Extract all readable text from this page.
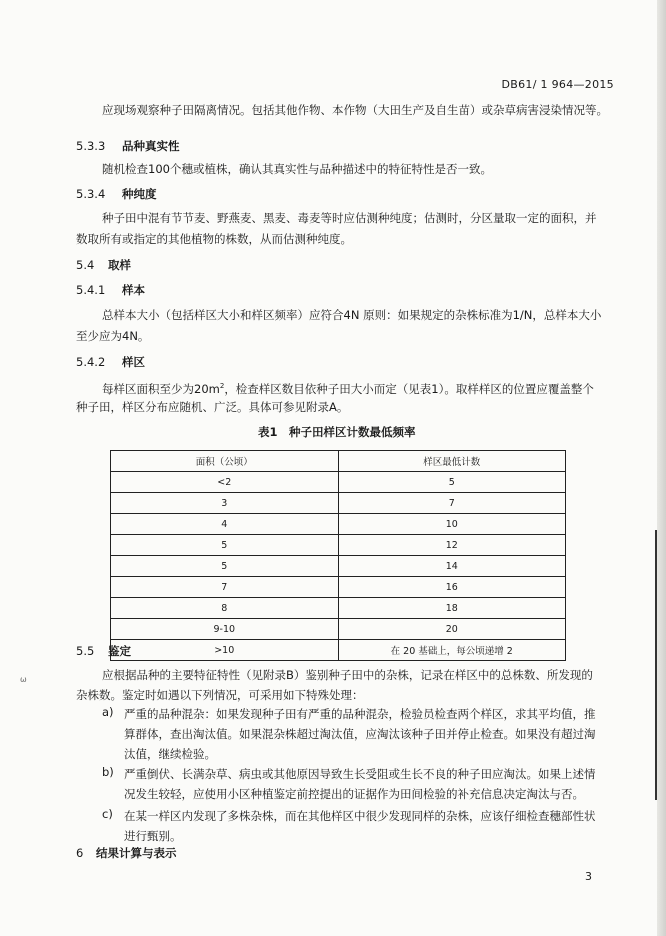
DB61/ 1 964—2015
应现场观察种子田隔离情况。包括其他作物、本作物（大田生产及自生苗）或杂草病害浸染情况等。
5.3.3 品种真实性
随机检查100个穗或植株，确认其真实性与品种描述中的特征特性是否一致。
5.3.4 种纯度
种子田中混有节节麦、野燕麦、黑麦、毒麦等时应估测种纯度；估测时，分区量取一定的面积，并
数取所有或指定的其他植物的株数，从而估测种纯度。
5.4 取样
5.4.1 样本
总样本大小（包括样区大小和样区频率）应符合4N 原则：如果规定的杂株标准为1/N，总样本大小
至少应为4N。
5.4.2 样区
每样区面积至少为$20m^2$，检查样区数目依种子田大小而定（见表1）。取样样区的位置应覆盖整个
种子田，样区分布应随机、广泛。具体可参见附录A。
表1　种子田样区计数最低频率
面积（公顷）	样区最低计数
<2	5
3	7
4	10
5	12
5	14
7	16
8	18
9-10	20
>10	在 20 基础上，每公顷递增 2
5.5 鉴定
应根据品种的主要特征特性（见附录B）鉴别种子田中的杂株，记录在样区中的总株数、所发现的
杂株数。鉴定时如遇以下列情况，可采用如下特殊处理：
a) 严重的品种混杂：如果发现种子田有严重的品种混杂，检验员检查两个样区，求其平均值，推
算群体，查出淘汰值。如果混杂株超过淘汰值，应淘汰该种子田并停止检查。如果没有超过淘
汰值，继续检验。
b) 严重倒伏、长满杂草、病虫或其他原因导致生长受阻或生长不良的种子田应淘汰。如果上述情
况发生较轻，应使用小区种植鉴定前控提出的证据作为田间检验的补充信息决定淘汰与否。
c) 在某一样区内发现了多株杂株，而在其他样区中很少发现同样的杂株，应该仔细检查穗部性状
进行甄别。
6 结果计算与表示
3
ω
